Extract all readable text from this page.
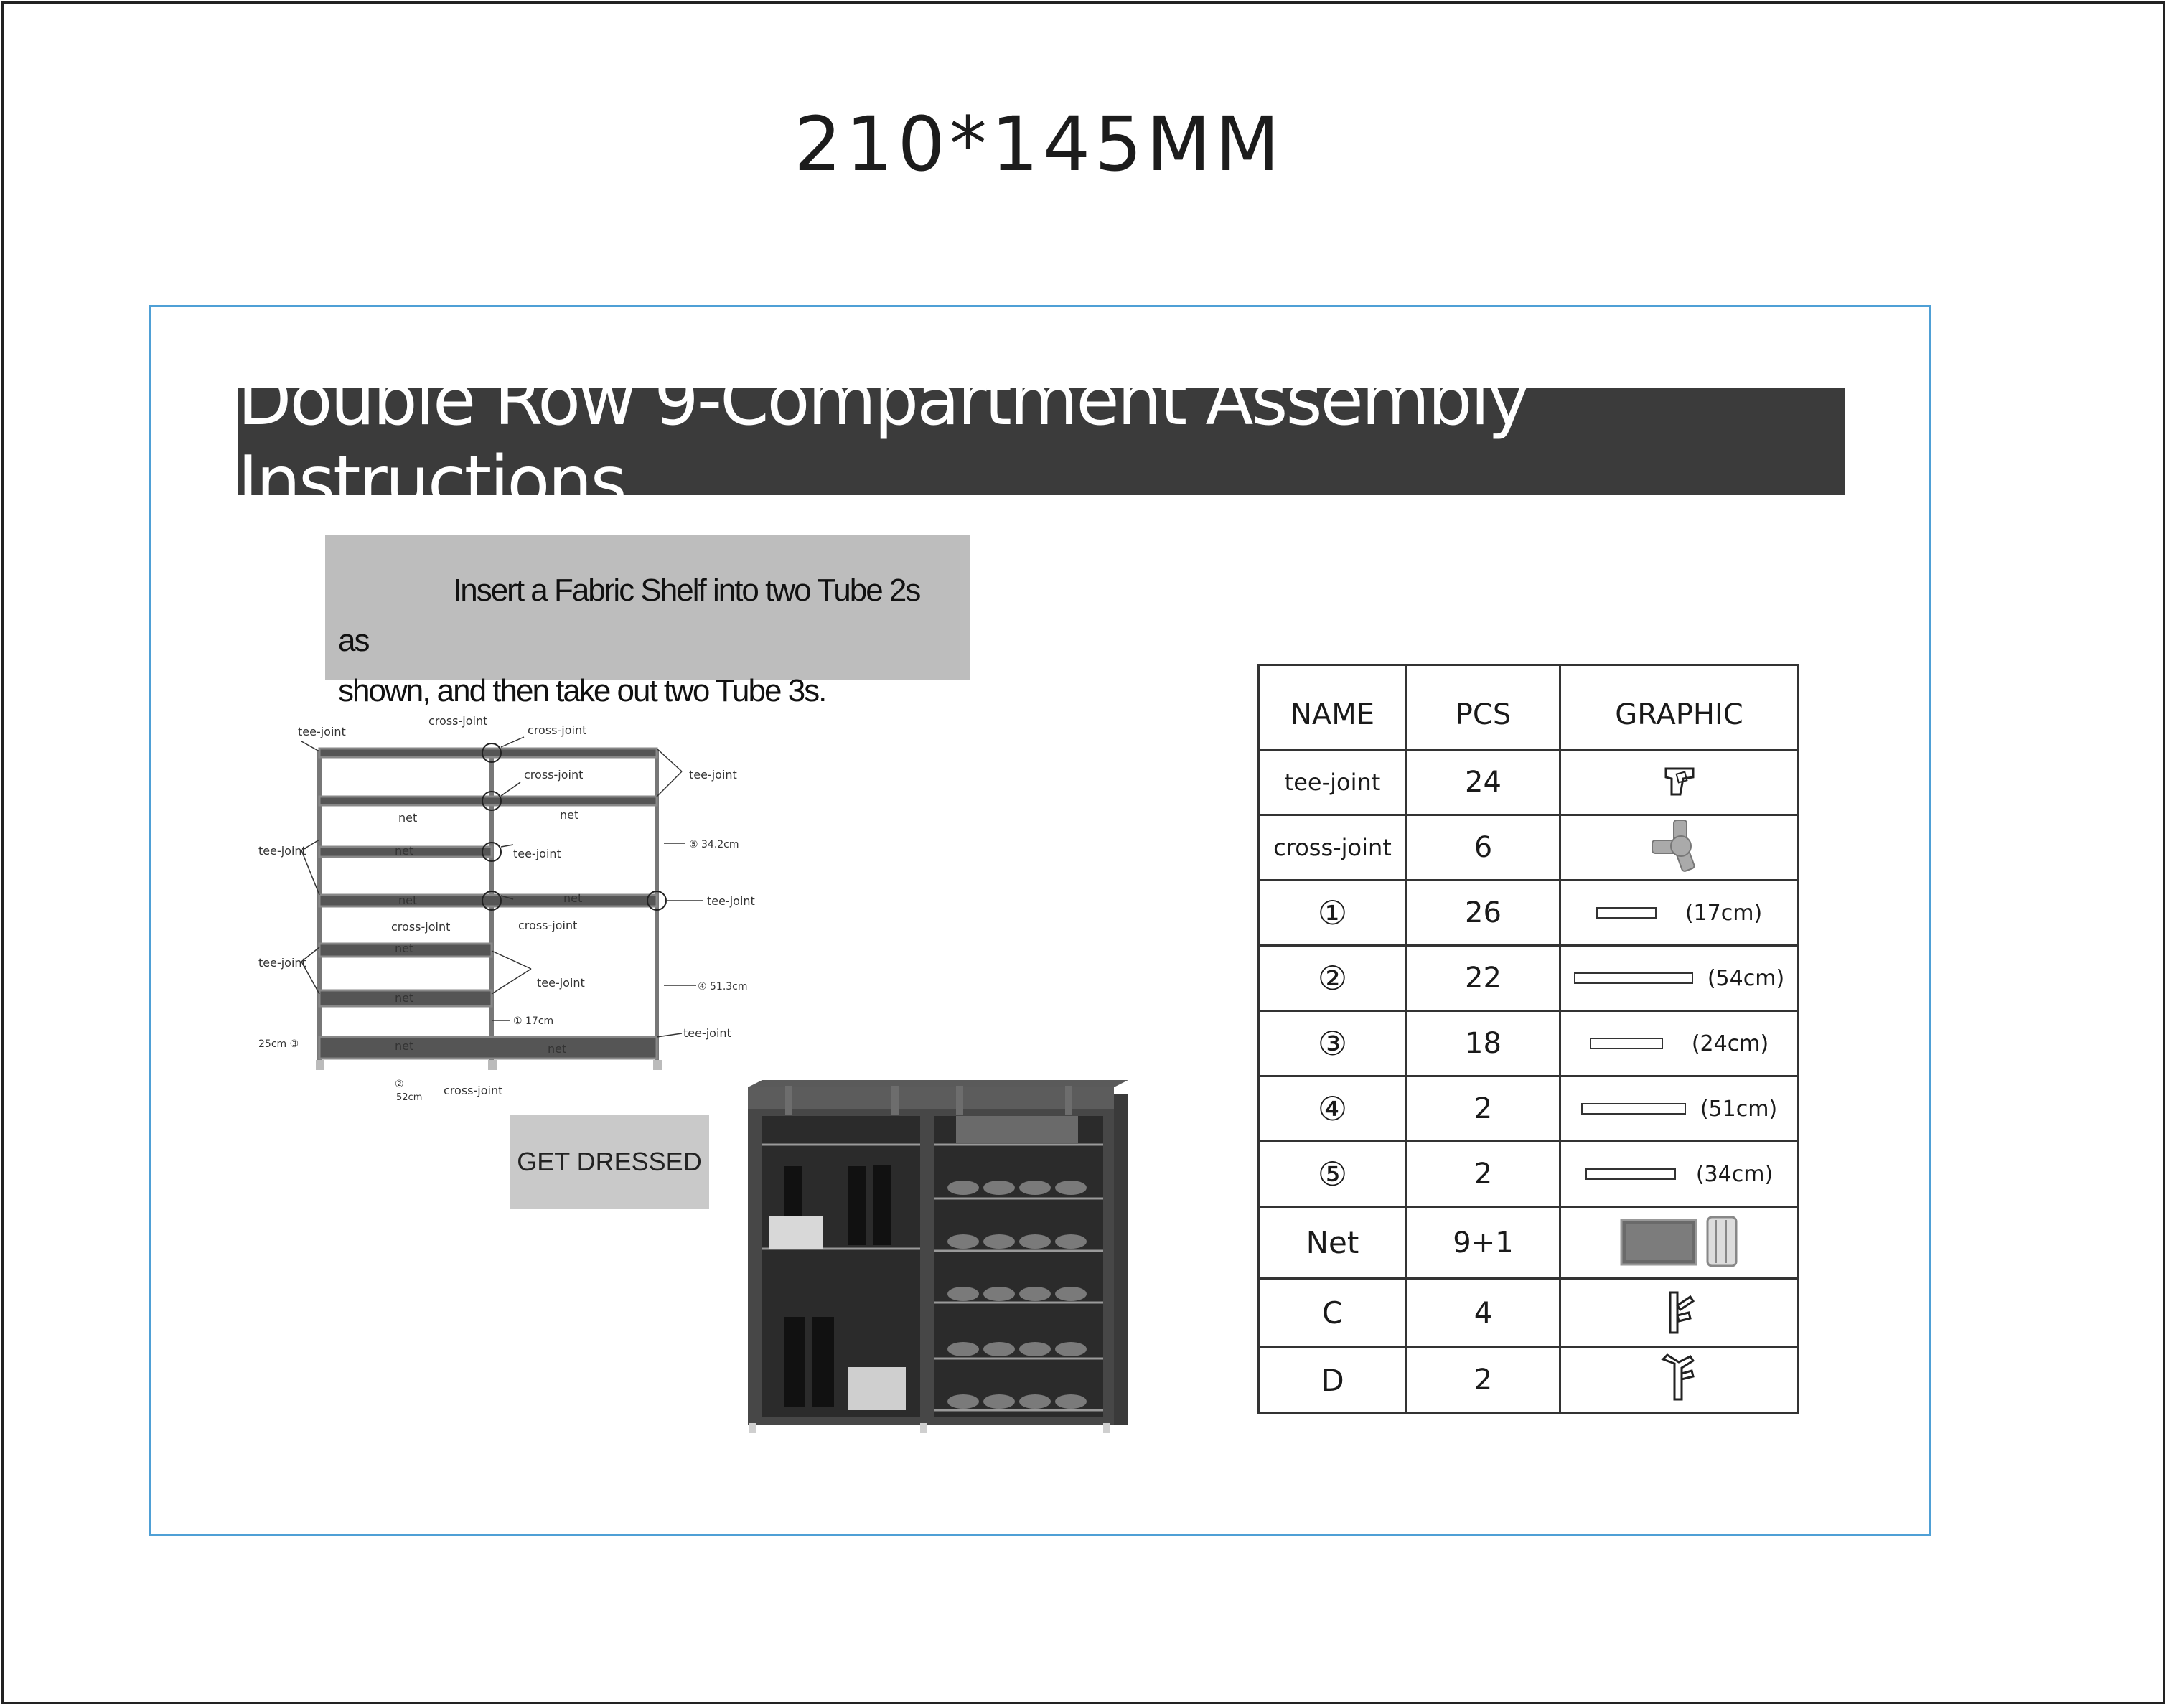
210*145MM
Double Row 9-Compartment Assembly Instructions
Insert a Fabric Shelf into two Tube 2s as
shown, and then take out two Tube 3s.
tee-joint
cross-joint
cross-joint
cross-joint	tee-joint
net	net
tee-joint	net	tee-joint
⑤ 34.2cm
net	net	tee-joint
cross-joint	cross-joint
net
tee-joint
tee-joint	④ 51.3cm
net
① 17cm
tee-joint
25cm ③	net	net
②
52cm
cross-joint
GET DRESSED
NAME	PCS	GRAPHIC
tee-joint	24	
cross-joint	6	
①	26	(17cm)
②	22	(54cm)
③	18	(24cm)
④	2	(51cm)
⑤	2	(34cm)
Net	9+1	
C	4	
D	2	
